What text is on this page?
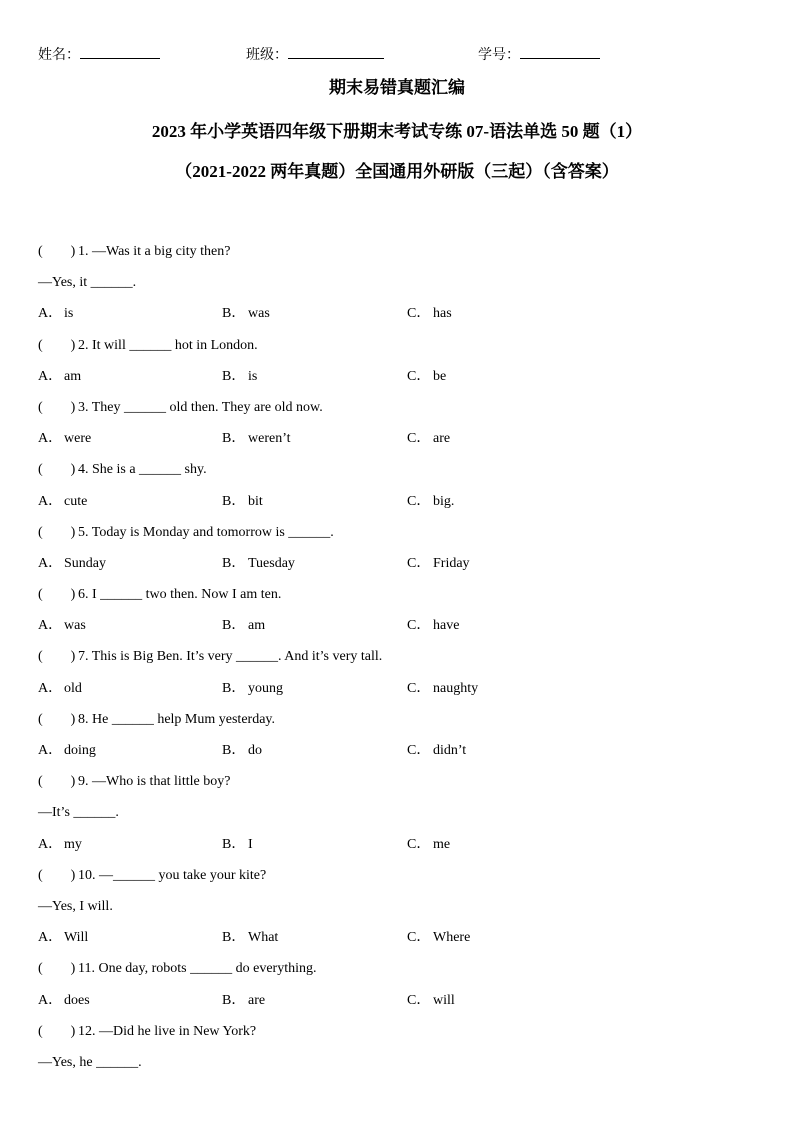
姓名：	班级：	学号：
期末易错真题汇编
2023 年小学英语四年级下册期末考试专练 07-语法单选 50 题（1）
（2021-2022 两年真题）全国通用外研版（三起）（含答案）
(　　) 1. —Was it a big city then?
—Yes, it ______.
A． is	B． was	C． has
(　　) 2. It will ______ hot in London.
A． am	B． is	C． be
(　　) 3. They ______ old then. They are old now.
A． were	B． weren’t	C． are
(　　) 4. She is a ______ shy.
A． cute	B． bit	C． big.
(　　) 5. Today is Monday and tomorrow is ______.
A． Sunday	B． Tuesday	C． Friday
(　　) 6. I ______ two then. Now I am ten.
A． was	B． am	C． have
(　　) 7. This is Big Ben. It’s very ______. And it’s very tall.
A． old	B． young	C． naughty
(　　) 8. He ______ help Mum yesterday.
A． doing	B． do	C． didn’t
(　　) 9. —Who is that little boy?
—It’s ______.
A． my	B． I	C． me
(　　) 10. —______ you take your kite?
—Yes, I will.
A． Will	B． What	C． Where
(　　) 11. One day, robots ______ do everything.
A． does	B． are	C． will
(　　) 12. —Did he live in New York?
—Yes, he ______.
